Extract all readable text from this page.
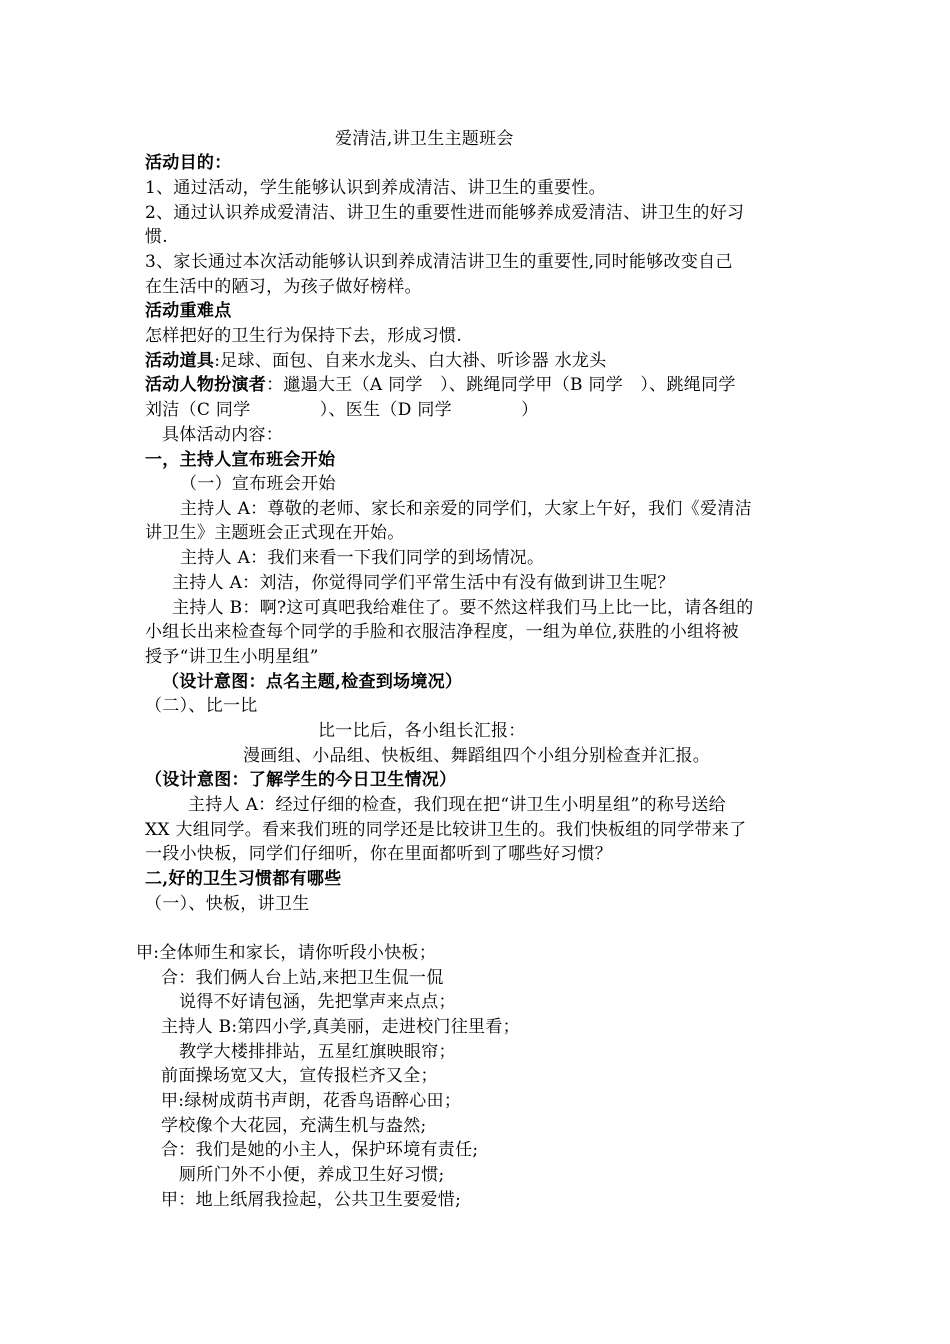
爱清洁,讲卫生主题班会
活动目的：
1、通过活动，学生能够认识到养成清洁、讲卫生的重要性。
2、通过认识养成爱清洁、讲卫生的重要性进而能够养成爱清洁、讲卫生的好习
惯.
3、家长通过本次活动能够认识到养成清洁讲卫生的重要性,同时能够改变自己
在生活中的陋习，为孩子做好榜样。
活动重难点
怎样把好的卫生行为保持下去，形成习惯.
活动道具:足球、面包、自来水龙头、白大褂、听诊器 水龙头
活动人物扮演者：邋遢大王（A 同学　）、跳绳同学甲（B 同学　）、跳绳同学
刘洁（C 同学　　　　）、医生（D 同学　　　　）
具体活动内容：
一，主持人宣布班会开始
（一）宣布班会开始
主持人 A：尊敬的老师、家长和亲爱的同学们，大家上午好，我们《爱清洁
讲卫生》主题班会正式现在开始。
主持人 A：我们来看一下我们同学的到场情况。
主持人 A：刘洁，你觉得同学们平常生活中有没有做到讲卫生呢？
主持人 B：啊?这可真吧我给难住了。要不然这样我们马上比一比，请各组的
小组长出来检查每个同学的手脸和衣服洁净程度，一组为单位,获胜的小组将被
授予“讲卫生小明星组”
（设计意图：点名主题,检查到场境况）
（二）、比一比
比一比后，各小组长汇报：
漫画组、小品组、快板组、舞蹈组四个小组分别检查并汇报。
（设计意图：了解学生的今日卫生情况）
主持人 A：经过仔细的检查，我们现在把“讲卫生小明星组”的称号送给
XX 大组同学。看来我们班的同学还是比较讲卫生的。我们快板组的同学带来了
一段小快板，同学们仔细听，你在里面都听到了哪些好习惯？
二,好的卫生习惯都有哪些
（一）、快板，讲卫生
甲:全体师生和家长，请你听段小快板；
合：我们俩人台上站,来把卫生侃一侃
说得不好请包涵，先把掌声来点点；
主持人 B:第四小学,真美丽，走进校门往里看；
教学大楼排排站，五星红旗映眼帘；
前面操场宽又大，宣传报栏齐又全；
甲:绿树成荫书声朗，花香鸟语醉心田；
学校像个大花园，充满生机与盎然;
合：我们是她的小主人，保护环境有责任;
厕所门外不小便，养成卫生好习惯;
甲：地上纸屑我捡起，公共卫生要爱惜;
